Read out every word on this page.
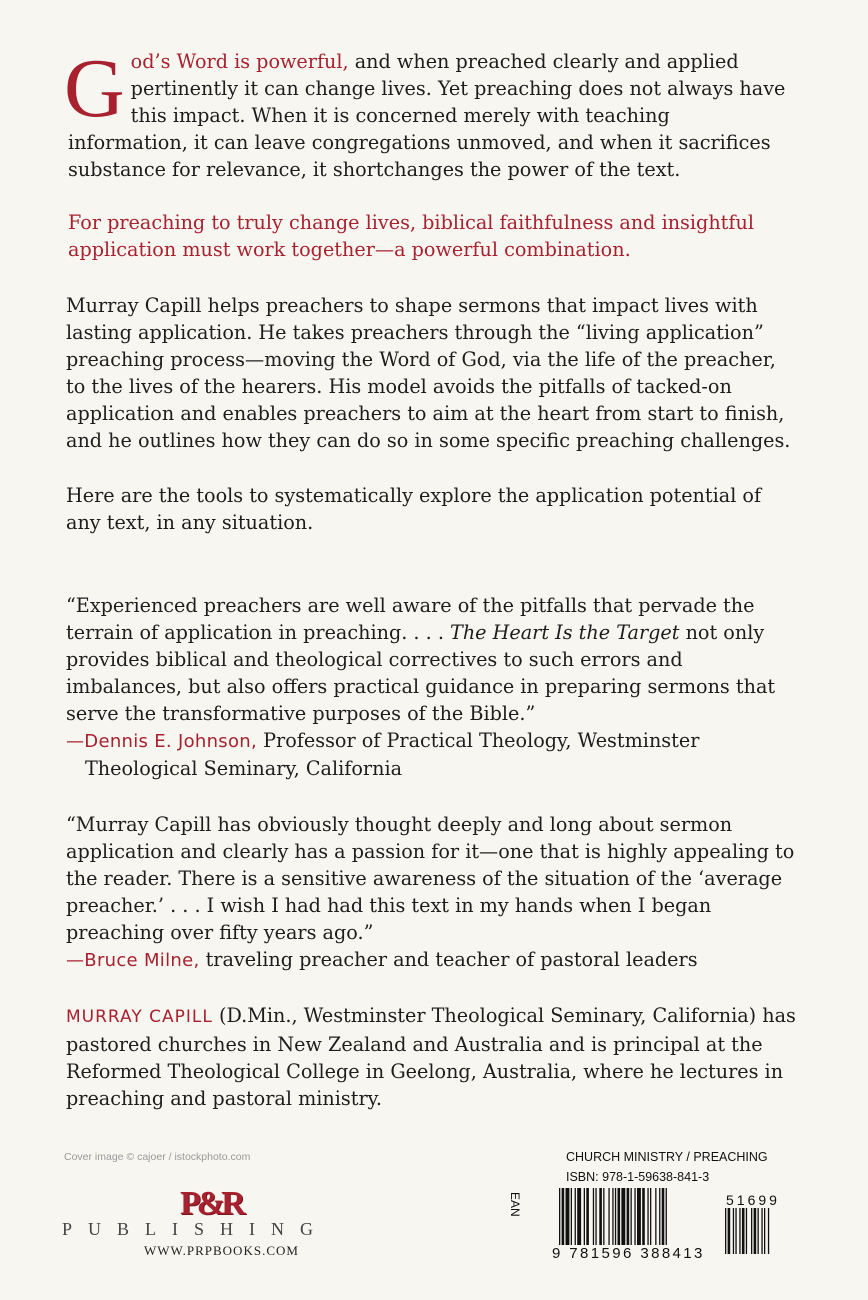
God’s Word is powerful, and when preached clearly and applied pertinently it can change lives. Yet preaching does not always have this impact. When it is concerned merely with teaching information, it can leave congregations unmoved, and when it sacrifices substance for relevance, it shortchanges the power of the text.

For preaching to truly change lives, biblical faithfulness and insightful application must work together—a powerful combination.

Murray Capill helps preachers to shape sermons that impact lives with lasting application. He takes preachers through the “living application” preaching process—moving the Word of God, via the life of the preacher, to the lives of the hearers. His model avoids the pitfalls of tacked-on application and enables preachers to aim at the heart from start to finish, and he outlines how they can do so in some specific preaching challenges.

Here are the tools to systematically explore the application potential of any text, in any situation.

“Experienced preachers are well aware of the pitfalls that pervade the terrain of application in preaching. . . . The Heart Is the Target not only provides biblical and theological correctives to such errors and imbalances, but also offers practical guidance in preparing sermons that serve the transformative purposes of the Bible.”
—Dennis E. Johnson, Professor of Practical Theology, Westminster Theological Seminary, California
“Murray Capill has obviously thought deeply and long about sermon application and clearly has a passion for it—one that is highly appealing to the reader. There is a sensitive awareness of the situation of the ‘average preacher.’ . . . I wish I had had this text in my hands when I began preaching over fifty years ago.”
—Bruce Milne, traveling preacher and teacher of pastoral leaders

MURRAY CAPILL (D.Min., Westminster Theological Seminary, California) has pastored churches in New Zealand and Australia and is principal at the Reformed Theological College in Geelong, Australia, where he lectures in preaching and pastoral ministry.

Cover image © cajoer / istockphoto.com
P&R
PUBLISHING
WWW.PRPBOOKS.COM
CHURCH MINISTRY / PREACHING
ISBN: 978-1-59638-841-3
EAN	51699
9 781596 388413
